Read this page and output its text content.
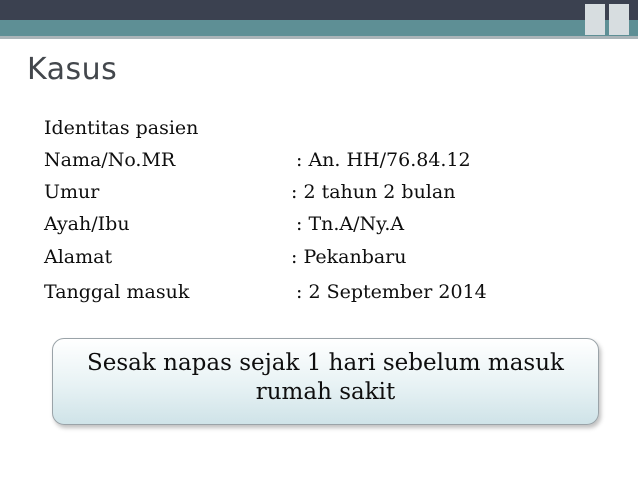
Kasus
Identitas pasien
Nama/No.MR	: An. HH/76.84.12
Umur	: 2 tahun 2 bulan
Ayah/Ibu	: Tn.A/Ny.A
Alamat	: Pekanbaru
Tanggal masuk	: 2 September 2014
Sesak napas sejak 1 hari sebelum masuk rumah sakit
